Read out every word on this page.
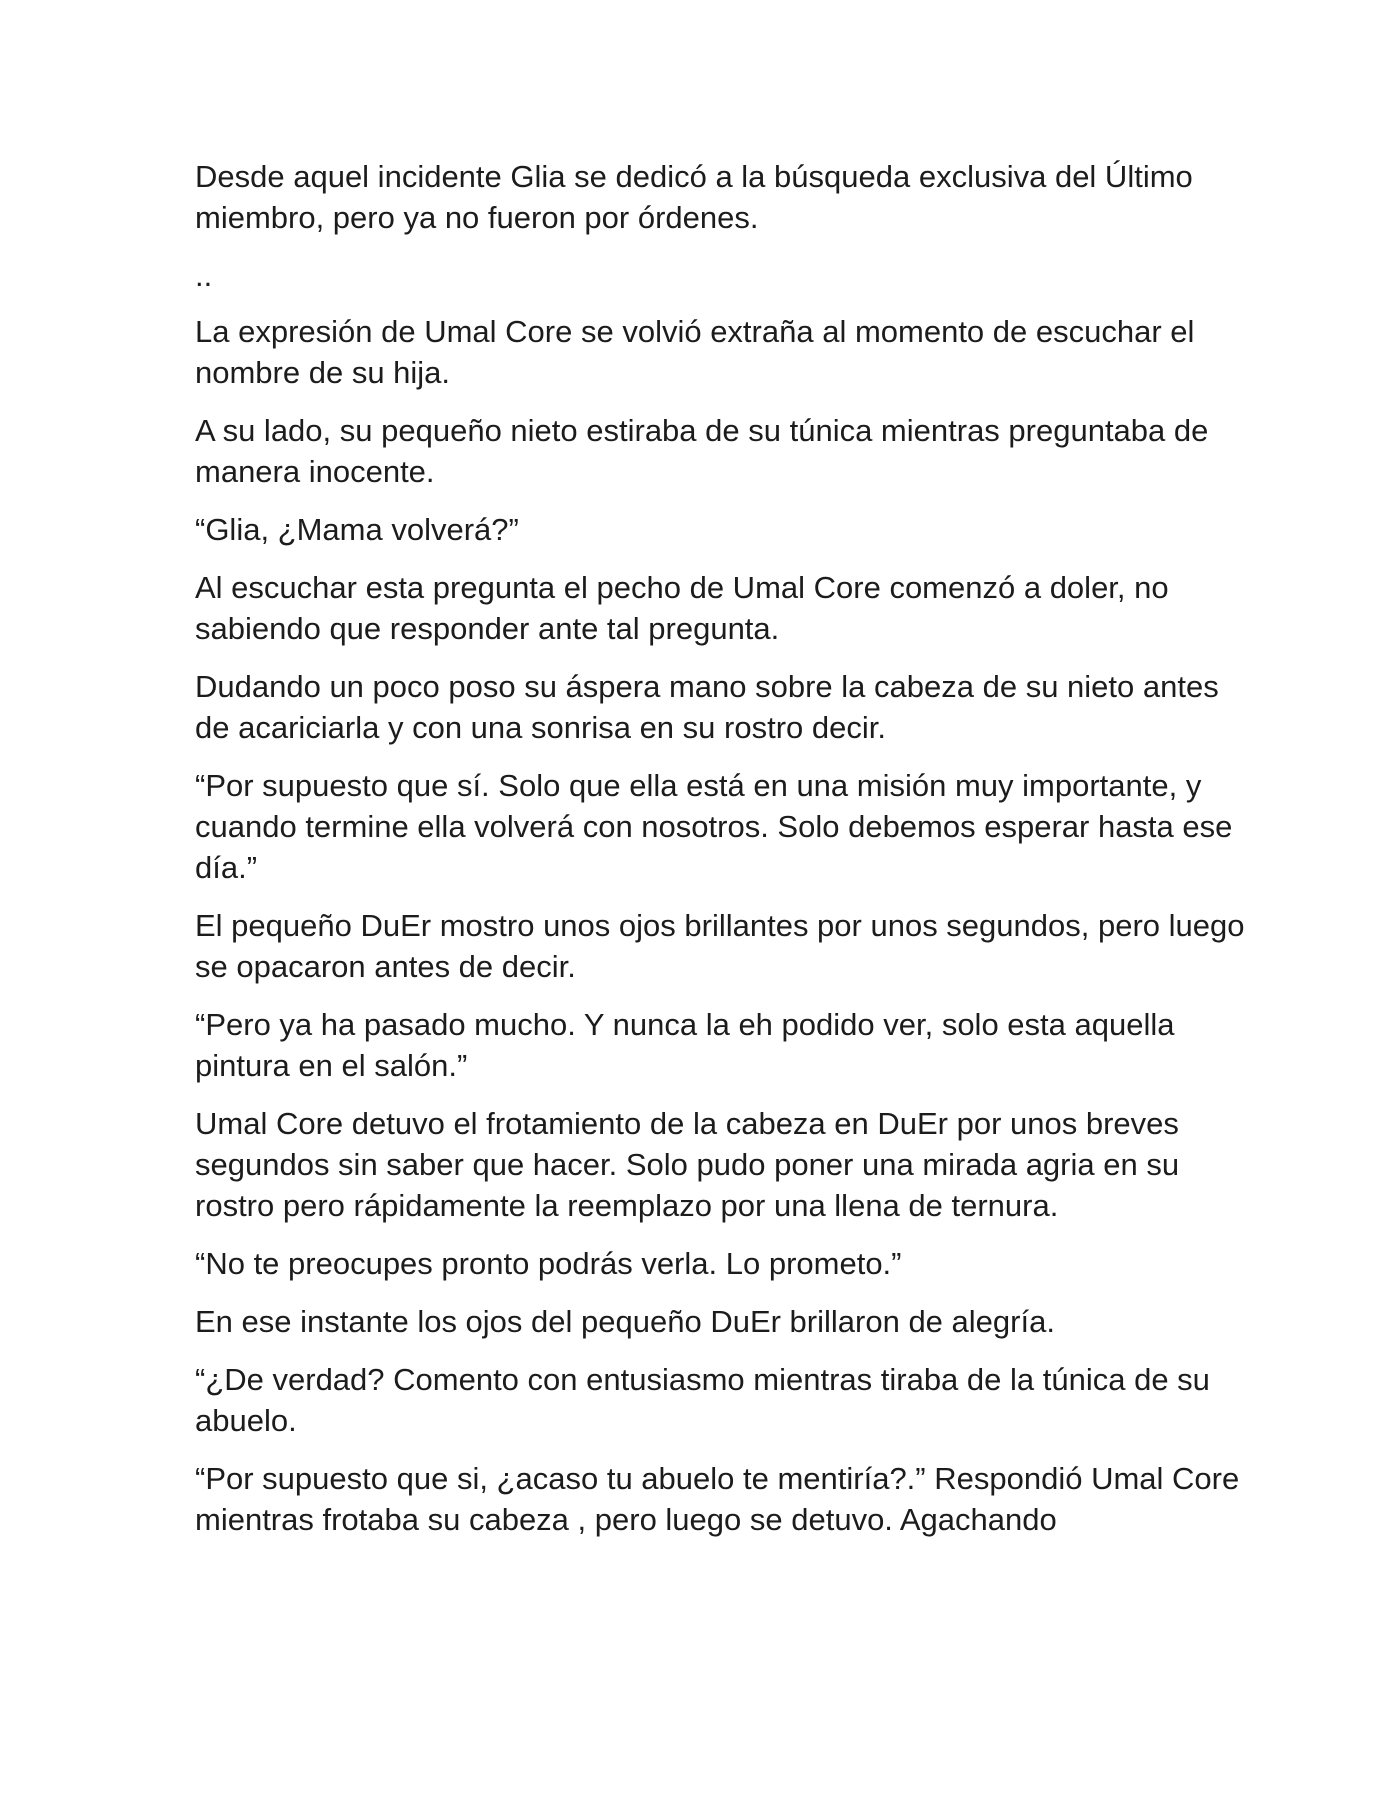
Desde aquel incidente Glia se dedicó a la búsqueda exclusiva del Último miembro, pero ya no fueron por órdenes.

..

La expresión de Umal Core se volvió extraña al momento de escuchar el nombre de su hija.

A su lado, su pequeño nieto estiraba de su túnica mientras preguntaba de manera inocente.

“Glia, ¿Mama volverá?”

Al escuchar esta pregunta el pecho de Umal Core comenzó a doler, no sabiendo que responder ante tal pregunta.

Dudando un poco poso su áspera mano sobre la cabeza de su nieto antes de acariciarla y con una sonrisa en su rostro decir.

“Por supuesto que sí. Solo que ella está en una misión muy importante, y cuando termine ella volverá con nosotros. Solo debemos esperar hasta ese día.”

El pequeño DuEr mostro unos ojos brillantes por unos segundos, pero luego se opacaron antes de decir.

“Pero ya ha pasado mucho. Y nunca la eh podido ver, solo esta aquella pintura en el salón.”

Umal Core detuvo el frotamiento de la cabeza en DuEr por unos breves segundos sin saber que hacer. Solo pudo poner una mirada agria en su rostro pero rápidamente la reemplazo por una llena de ternura.

“No te preocupes pronto podrás verla. Lo prometo.”

En ese instante los ojos del pequeño DuEr brillaron de alegría.

“¿De verdad? Comento con entusiasmo mientras tiraba de la túnica de su abuelo.

“Por supuesto que si, ¿acaso tu abuelo te mentiría?.” Respondió Umal Core mientras frotaba su cabeza , pero luego se detuvo. Agachando
